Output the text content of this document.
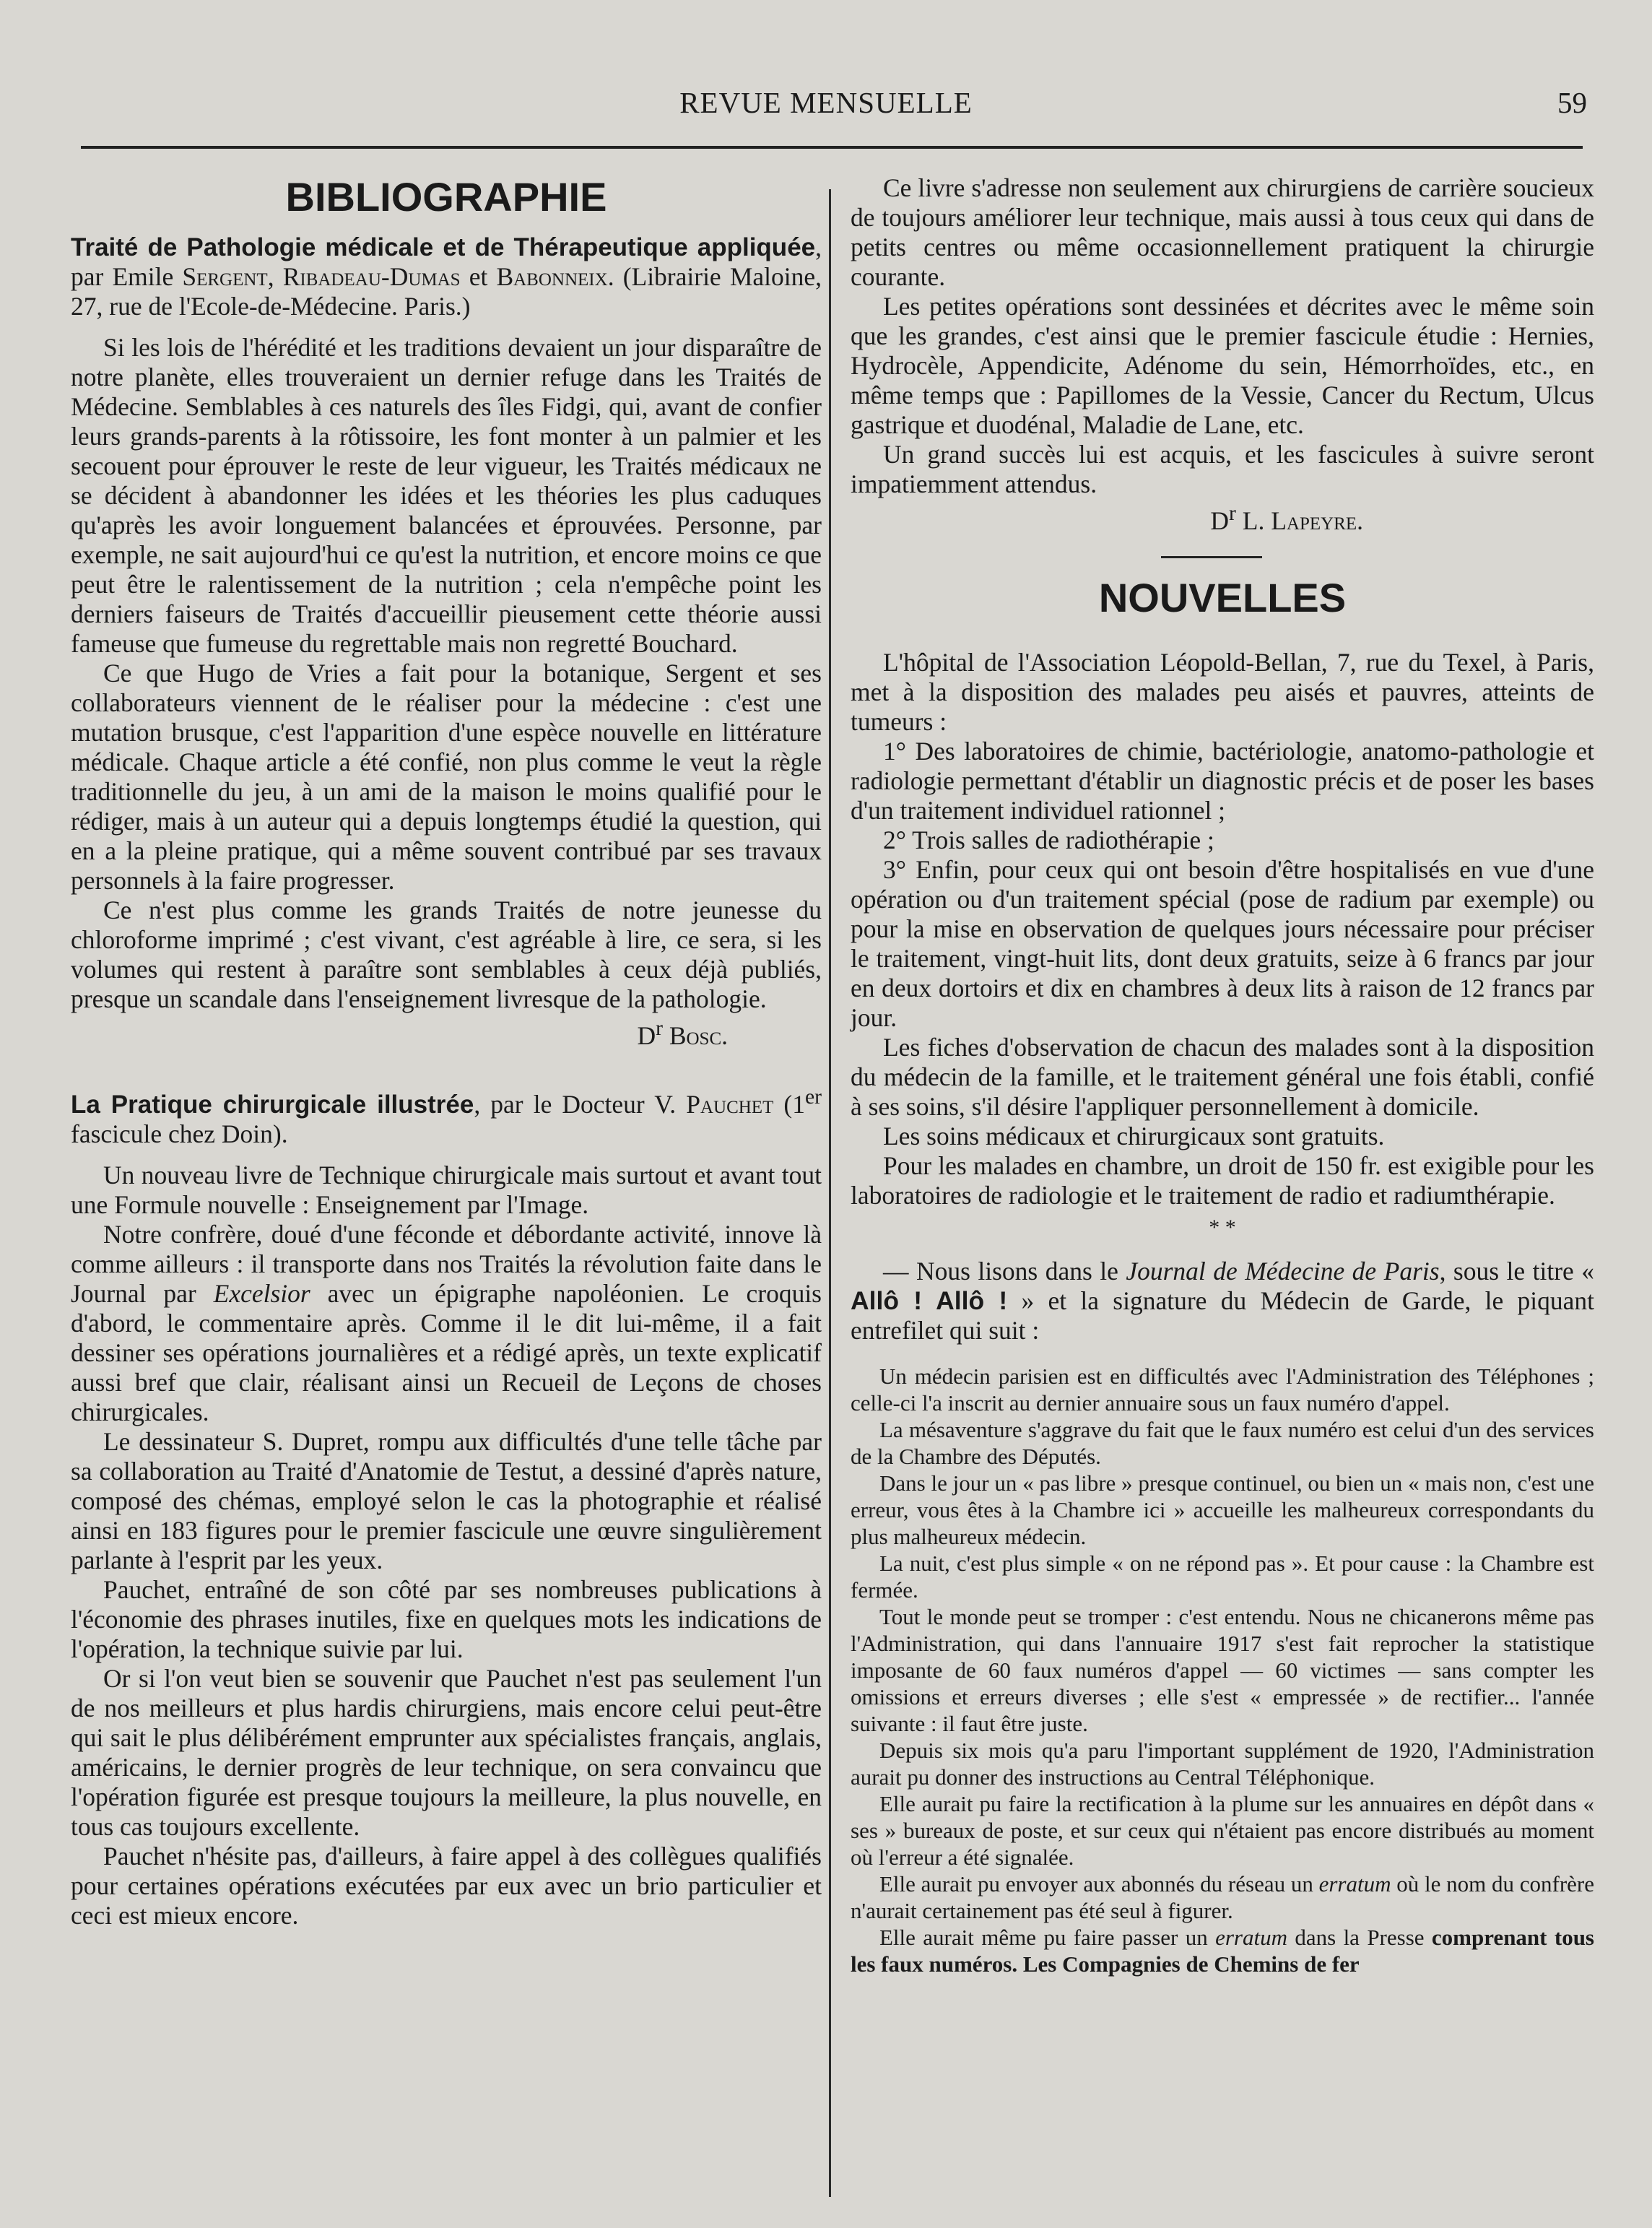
REVUE MENSUELLE	59
BIBLIOGRAPHIE

Traité de Pathologie médicale et de Thérapeutique appliquée, par Emile Sergent, Ribadeau-Dumas et Babonneix. (Librairie Maloine, 27, rue de l'Ecole-de-Médecine. Paris.)

Si les lois de l'hérédité et les traditions devaient un jour disparaître de notre planète, elles trouveraient un dernier refuge dans les Traités de Médecine. Semblables à ces naturels des îles Fidgi, qui, avant de confier leurs grands-parents à la rôtissoire, les font monter à un palmier et les secouent pour éprouver le reste de leur vigueur, les Traités médicaux ne se décident à abandonner les idées et les théories les plus caduques qu'après les avoir longuement balancées et éprouvées. Personne, par exemple, ne sait aujourd'hui ce qu'est la nutrition, et encore moins ce que peut être le ralentissement de la nutrition ; cela n'empêche point les derniers faiseurs de Traités d'accueillir pieusement cette théorie aussi fameuse que fumeuse du regrettable mais non regretté Bouchard.

Ce que Hugo de Vries a fait pour la botanique, Sergent et ses collaborateurs viennent de le réaliser pour la médecine : c'est une mutation brusque, c'est l'apparition d'une espèce nouvelle en littérature médicale. Chaque article a été confié, non plus comme le veut la règle traditionnelle du jeu, à un ami de la maison le moins qualifié pour le rédiger, mais à un auteur qui a depuis longtemps étudié la question, qui en a la pleine pratique, qui a même souvent contribué par ses travaux personnels à la faire progresser.

Ce n'est plus comme les grands Traités de notre jeunesse du chloroforme imprimé ; c'est vivant, c'est agréable à lire, ce sera, si les volumes qui restent à paraître sont semblables à ceux déjà publiés, presque un scandale dans l'enseignement livresque de la pathologie.

$D^r$ Bosc.

La Pratique chirurgicale illustrée, par le Docteur V. Pauchet (1er fascicule chez Doin).

Un nouveau livre de Technique chirurgicale mais surtout et avant tout une Formule nouvelle : Enseignement par l'Image.

Notre confrère, doué d'une féconde et débordante activité, innove là comme ailleurs : il transporte dans nos Traités la révolution faite dans le Journal par Excelsior avec un épigraphe napoléonien. Le croquis d'abord, le commentaire après. Comme il le dit lui-même, il a fait dessiner ses opérations journalières et a rédigé après, un texte explicatif aussi bref que clair, réalisant ainsi un Recueil de Leçons de choses chirurgicales.

Le dessinateur S. Dupret, rompu aux difficultés d'une telle tâche par sa collaboration au Traité d'Anatomie de Testut, a dessiné d'après nature, composé des chémas, employé selon le cas la photographie et réalisé ainsi en 183 figures pour le premier fascicule une œuvre singulièrement parlante à l'esprit par les yeux.

Pauchet, entraîné de son côté par ses nombreuses publications à l'économie des phrases inutiles, fixe en quelques mots les indications de l'opération, la technique suivie par lui.

Or si l'on veut bien se souvenir que Pauchet n'est pas seulement l'un de nos meilleurs et plus hardis chirurgiens, mais encore celui peut-être qui sait le plus délibérément emprunter aux spécialistes français, anglais, américains, le dernier progrès de leur technique, on sera convaincu que l'opération figurée est presque toujours la meilleure, la plus nouvelle, en tous cas toujours excellente.

Pauchet n'hésite pas, d'ailleurs, à faire appel à des collègues qualifiés pour certaines opérations exécutées par eux avec un brio particulier et ceci est mieux encore.

Ce livre s'adresse non seulement aux chirurgiens de carrière soucieux de toujours améliorer leur technique, mais aussi à tous ceux qui dans de petits centres ou même occasionnellement pratiquent la chirurgie courante.

Les petites opérations sont dessinées et décrites avec le même soin que les grandes, c'est ainsi que le premier fascicule étudie : Hernies, Hydrocèle, Appendicite, Adénome du sein, Hémorrhoïdes, etc., en même temps que : Papillomes de la Vessie, Cancer du Rectum, Ulcus gastrique et duodénal, Maladie de Lane, etc.

Un grand succès lui est acquis, et les fascicules à suivre seront impatiemment attendus.

$D^r$ L. Lapeyre.

NOUVELLES

L'hôpital de l'Association Léopold-Bellan, 7, rue du Texel, à Paris, met à la disposition des malades peu aisés et pauvres, atteints de tumeurs :

1° Des laboratoires de chimie, bactériologie, anatomo-pathologie et radiologie permettant d'établir un diagnostic précis et de poser les bases d'un traitement individuel rationnel ;

2° Trois salles de radiothérapie ;

3° Enfin, pour ceux qui ont besoin d'être hospitalisés en vue d'une opération ou d'un traitement spécial (pose de radium par exemple) ou pour la mise en observation de quelques jours nécessaire pour préciser le traitement, vingt-huit lits, dont deux gratuits, seize à 6 francs par jour en deux dortoirs et dix en chambres à deux lits à raison de 12 francs par jour.

Les fiches d'observation de chacun des malades sont à la disposition du médecin de la famille, et le traitement général une fois établi, confié à ses soins, s'il désire l'appliquer personnellement à domicile.

Les soins médicaux et chirurgicaux sont gratuits.

Pour les malades en chambre, un droit de 150 fr. est exigible pour les laboratoires de radiologie et le traitement de radio et radiumthérapie.

* *

— Nous lisons dans le Journal de Médecine de Paris, sous le titre « Allô ! Allô ! » et la signature du Médecin de Garde, le piquant entrefilet qui suit :

Un médecin parisien est en difficultés avec l'Administration des Téléphones ; celle-ci l'a inscrit au dernier annuaire sous un faux numéro d'appel.

La mésaventure s'aggrave du fait que le faux numéro est celui d'un des services de la Chambre des Députés.

Dans le jour un « pas libre » presque continuel, ou bien un « mais non, c'est une erreur, vous êtes à la Chambre ici » accueille les malheureux correspondants du plus malheureux médecin.

La nuit, c'est plus simple « on ne répond pas ». Et pour cause : la Chambre est fermée.

Tout le monde peut se tromper : c'est entendu. Nous ne chicanerons même pas l'Administration, qui dans l'annuaire 1917 s'est fait reprocher la statistique imposante de 60 faux numéros d'appel — 60 victimes — sans compter les omissions et erreurs diverses ; elle s'est « empressée » de rectifier... l'année suivante : il faut être juste.

Depuis six mois qu'a paru l'important supplément de 1920, l'Administration aurait pu donner des instructions au Central Téléphonique.

Elle aurait pu faire la rectification à la plume sur les annuaires en dépôt dans « ses » bureaux de poste, et sur ceux qui n'étaient pas encore distribués au moment où l'erreur a été signalée.

Elle aurait pu envoyer aux abonnés du réseau un erratum où le nom du confrère n'aurait certainement pas été seul à figurer.

Elle aurait même pu faire passer un erratum dans la Presse comprenant tous les faux numéros. Les Compagnies de Chemins de fer
